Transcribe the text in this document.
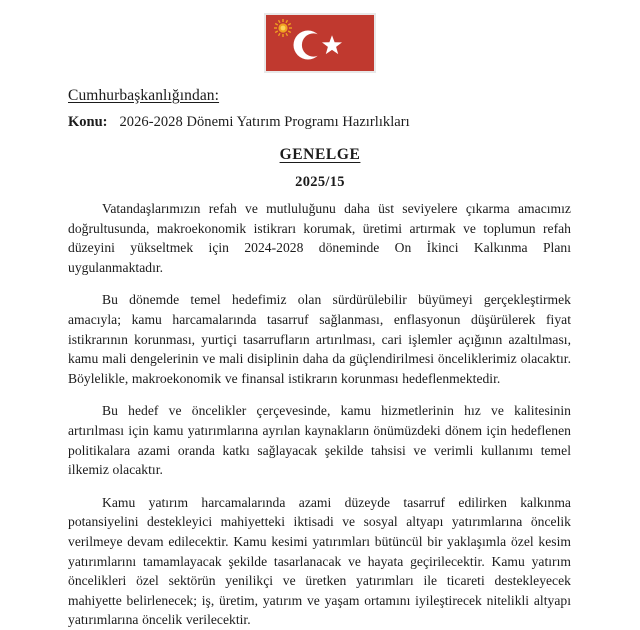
Cumhurbaşkanlığından:
Konu: 2026-2028 Dönemi Yatırım Programı Hazırlıkları
GENELGE
2025/15

Vatandaşlarımızın refah ve mutluluğunu daha üst seviyelere çıkarma amacımız doğrultusunda, makroekonomik istikrarı korumak, üretimi artırmak ve toplumun refah düzeyini yükseltmek için 2024-2028 döneminde On İkinci Kalkınma Planı uygulanmaktadır.

Bu dönemde temel hedefimiz olan sürdürülebilir büyümeyi gerçekleştirmek amacıyla; kamu harcamalarında tasarruf sağlanması, enflasyonun düşürülerek fiyat istikrarının korunması, yurtiçi tasarrufların artırılması, cari işlemler açığının azaltılması, kamu mali dengelerinin ve mali disiplinin daha da güçlendirilmesi önceliklerimiz olacaktır. Böylelikle, makroekonomik ve finansal istikrarın korunması hedeflenmektedir.

Bu hedef ve öncelikler çerçevesinde, kamu hizmetlerinin hız ve kalitesinin artırılması için kamu yatırımlarına ayrılan kaynakların önümüzdeki dönem için hedeflenen politikalara azami oranda katkı sağlayacak şekilde tahsisi ve verimli kullanımı temel ilkemiz olacaktır.

Kamu yatırım harcamalarında azami düzeyde tasarruf edilirken kalkınma potansiyelini destekleyici mahiyetteki iktisadi ve sosyal altyapı yatırımlarına öncelik verilmeye devam edilecektir. Kamu kesimi yatırımları bütüncül bir yaklaşımla özel kesim yatırımlarını tamamlayacak şekilde tasarlanacak ve hayata geçirilecektir. Kamu yatırım öncelikleri özel sektörün yenilikçi ve üretken yatırımları ile ticareti destekleyecek mahiyette belirlenecek; iş, üretim, yatırım ve yaşam ortamını iyileştirecek nitelikli altyapı yatırımlarına öncelik verilecektir.
